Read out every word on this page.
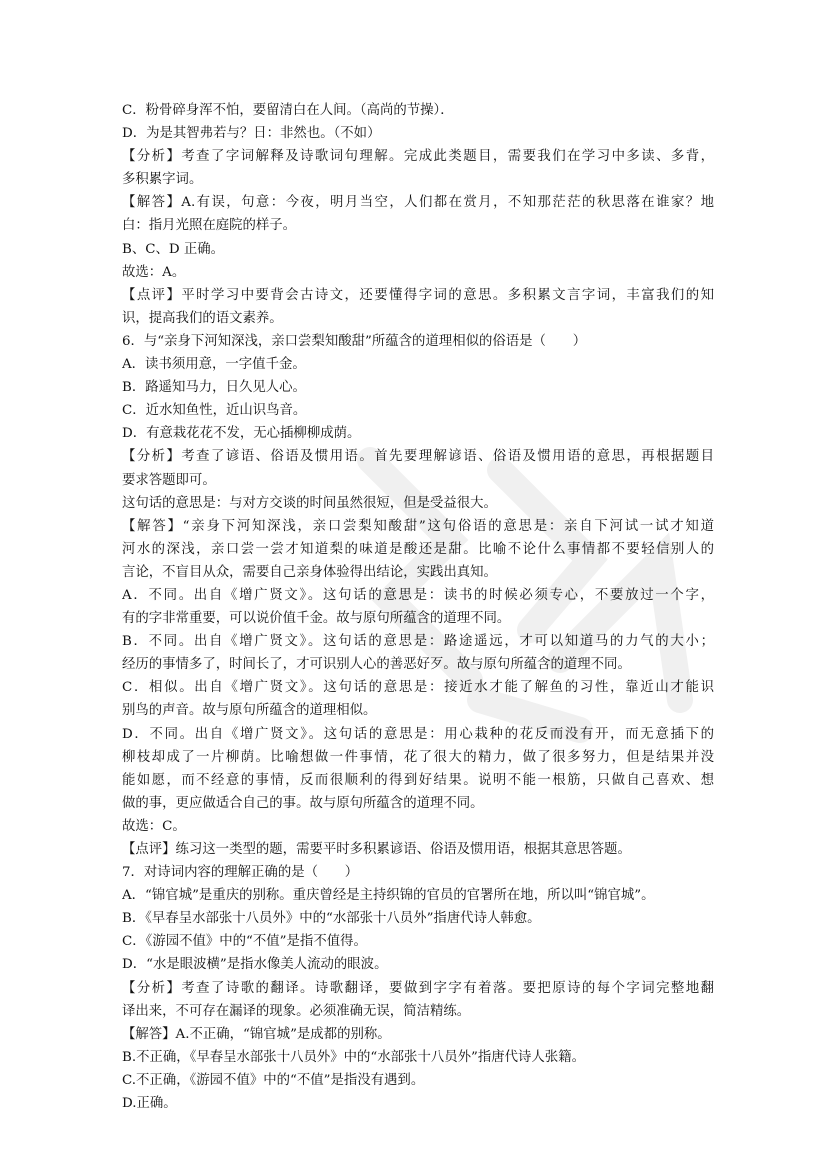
C．粉骨碎身浑不怕，要留清白在人间。（高尚的节操）．
D．为是其智弗若与？日：非然也。（不如）
【分析】考查了字词解释及诗歌词句理解。完成此类题目，需要我们在学习中多读、多背，
多积累字词。
【解答】A.有误，句意：今夜，明月当空，人们都在赏月，不知那茫茫的秋思落在谁家？地
白：指月光照在庭院的样子。
B、C、D 正确。
故选：A。
【点评】平时学习中要背会古诗文，还要懂得字词的意思。多积累文言字词，丰富我们的知
识，提高我们的语文素养。
6．与“亲身下河知深浅，亲口尝梨知酸甜”所蕴含的道理相似的俗语是（　　）
A．读书须用意，一字值千金。
B．路遥知马力，日久见人心。
C．近水知鱼性，近山识鸟音。
D．有意栽花花不发，无心插柳柳成荫。
【分析】考查了谚语、俗语及惯用语。首先要理解谚语、俗语及惯用语的意思，再根据题目
要求答题即可。
这句话的意思是：与对方交谈的时间虽然很短，但是受益很大。
【解答】“亲身下河知深浅，亲口尝梨知酸甜”这句俗语的意思是：亲自下河试一试才知道
河水的深浅，亲口尝一尝才知道梨的味道是酸还是甜。比喻不论什么事情都不要轻信别人的
言论，不盲目从众，需要自己亲身体验得出结论，实践出真知。
A．不同。出自《增广贤文》。这句话的意思是：读书的时候必须专心，不要放过一个字，
有的字非常重要，可以说价值千金。故与原句所蕴含的道理不同。
B．不同。出自《增广贤文》。这句话的意思是：路途遥远，才可以知道马的力气的大小；
经历的事情多了，时间长了，才可识别人心的善恶好歹。故与原句所蕴含的道理不同。
C．相似。出自《增广贤文》。这句话的意思是：接近水才能了解鱼的习性，靠近山才能识
别鸟的声音。故与原句所蕴含的道理相似。
D．不同。出自《增广贤文》。这句话的意思是：用心栽种的花反而没有开，而无意插下的
柳枝却成了一片柳荫。比喻想做一件事情，花了很大的精力，做了很多努力，但是结果并没
能如愿，而不经意的事情，反而很顺利的得到好结果。说明不能一根筋，只做自己喜欢、想
做的事，更应做适合自己的事。故与原句所蕴含的道理不同。
故选：C。
【点评】练习这一类型的题，需要平时多积累谚语、俗语及惯用语，根据其意思答题。
7．对诗词内容的理解正确的是（　　）
A．“锦官城”是重庆的别称。重庆曾经是主持织锦的官员的官署所在地，所以叫“锦官城”。
B．《早春呈水部张十八员外》中的“水部张十八员外”指唐代诗人韩愈。
C．《游园不值》中的“不值”是指不值得。
D．“水是眼波横”是指水像美人流动的眼波。
【分析】考查了诗歌的翻译。诗歌翻译，要做到字字有着落。要把原诗的每个字词完整地翻
译出来，不可存在漏译的现象。必须准确无误，简洁精练。
【解答】A.不正确，“锦官城”是成都的别称。
B.不正确，《早春呈水部张十八员外》中的“水部张十八员外”指唐代诗人张籍。
C.不正确，《游园不值》中的“不值”是指没有遇到。
D.正确。
